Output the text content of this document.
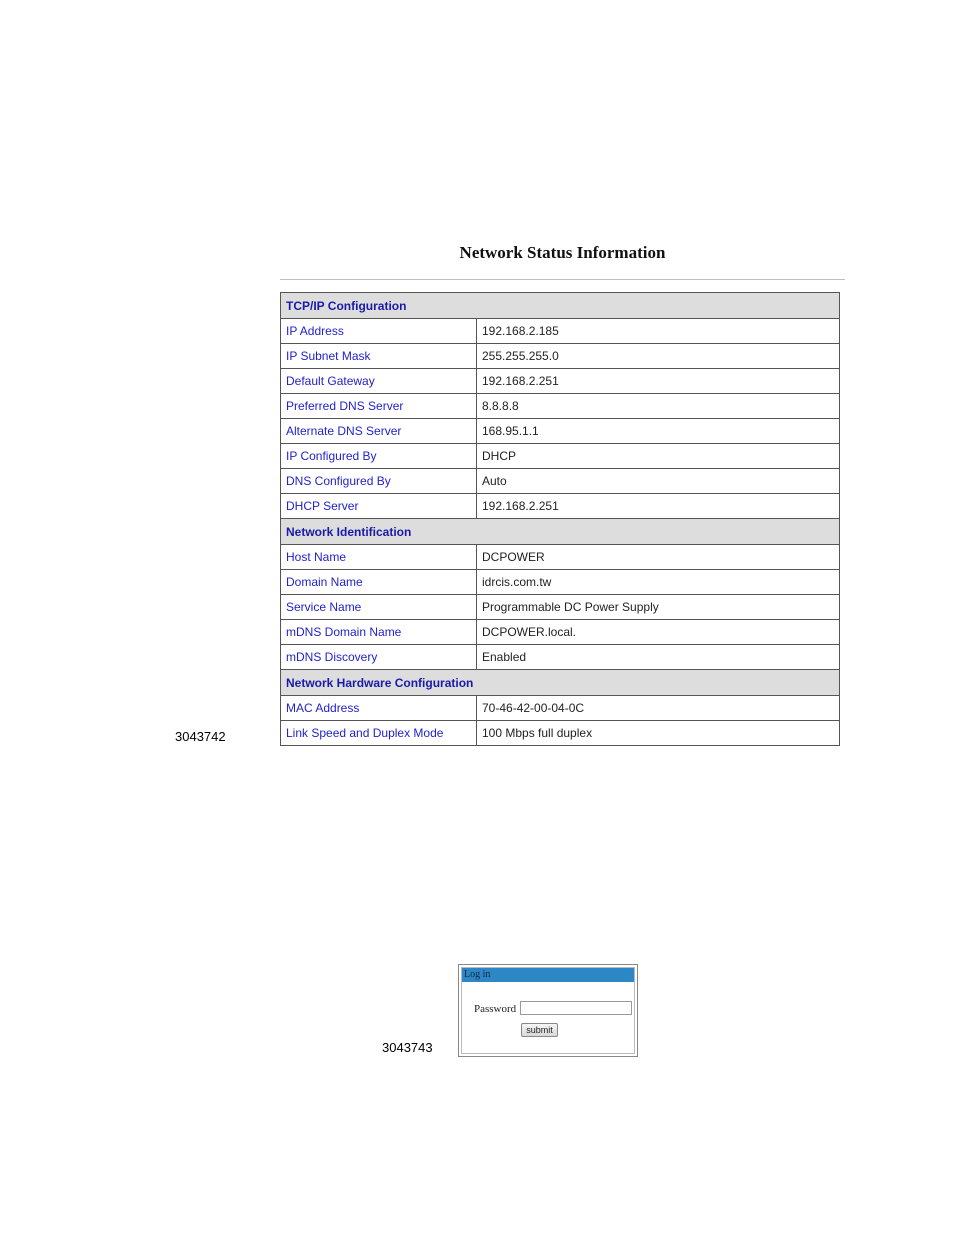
Network Status Information
TCP/IP Configuration	
IP Address	192.168.2.185
IP Subnet Mask	255.255.255.0
Default Gateway	192.168.2.251
Preferred DNS Server	8.8.8.8
Alternate DNS Server	168.95.1.1
IP Configured By	DHCP
DNS Configured By	Auto
DHCP Server	192.168.2.251
Network Identification	
Host Name	DCPOWER
Domain Name	idrcis.com.tw
Service Name	Programmable DC Power Supply
mDNS Domain Name	DCPOWER.local.
mDNS Discovery	Enabled
Network Hardware Configuration	
MAC Address	70-46-42-00-04-0C
Link Speed and Duplex Mode	100 Mbps full duplex
3043742
3043743
Log in
Password
submit
